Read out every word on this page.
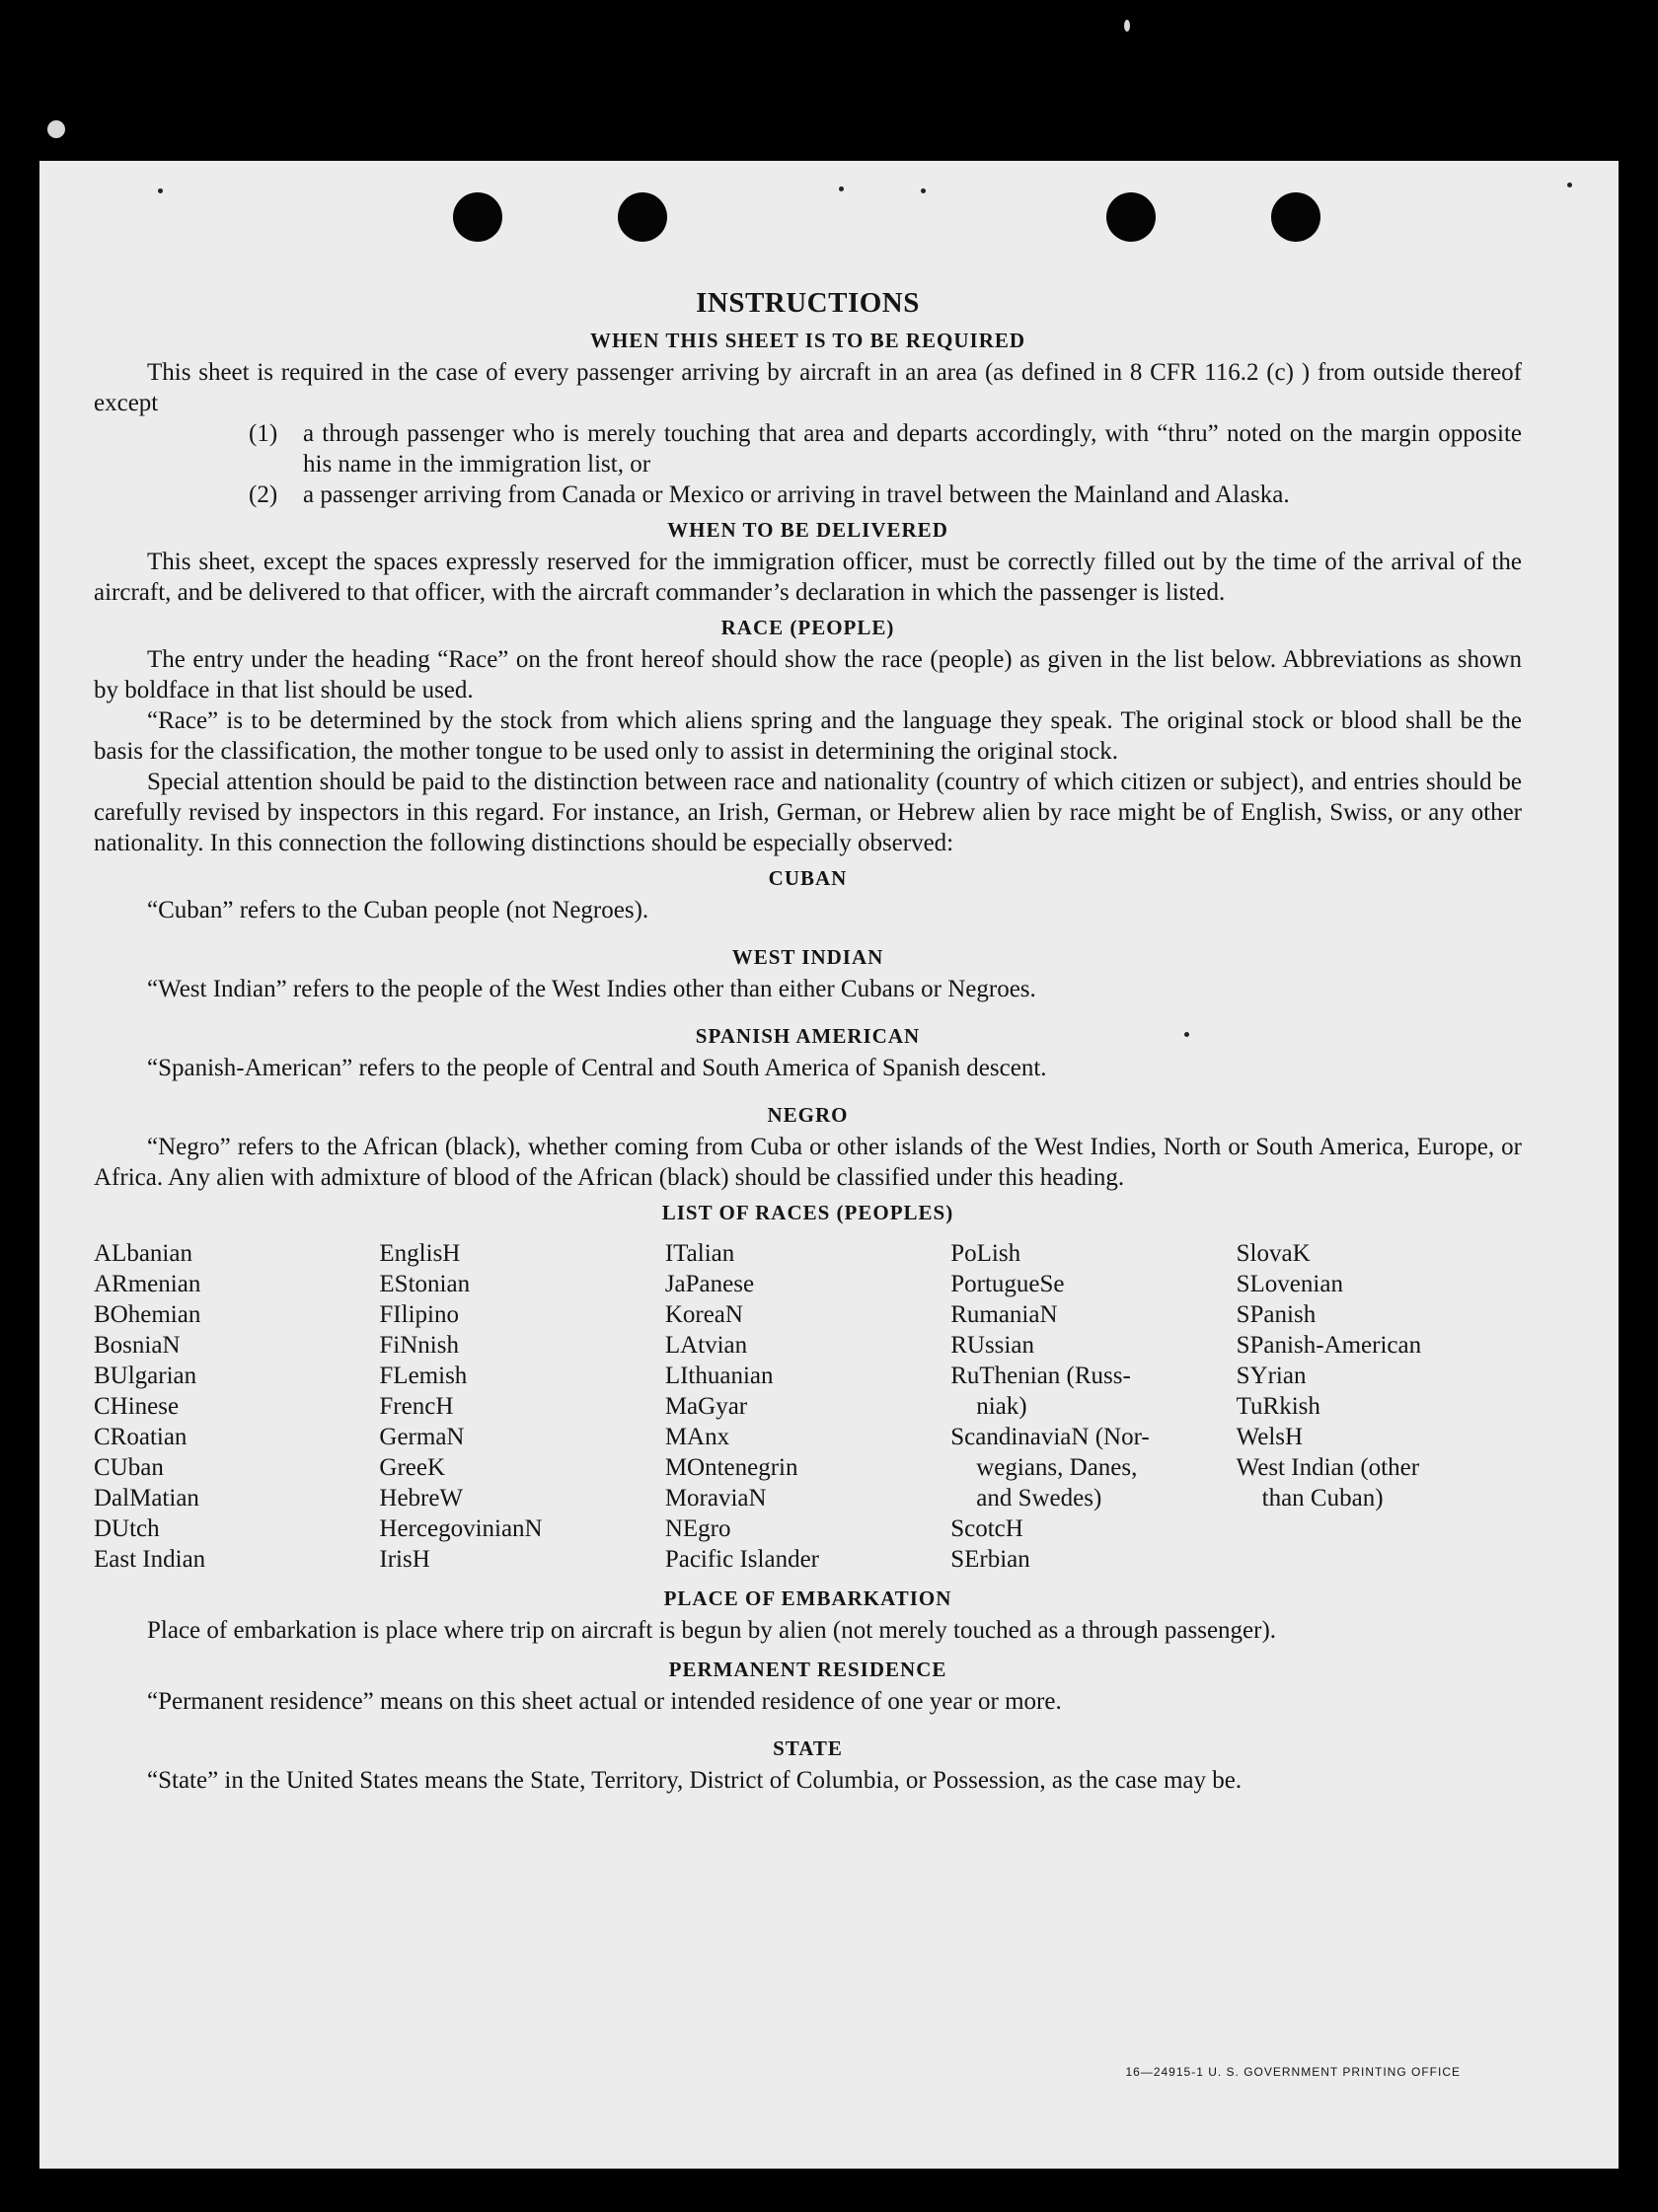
INSTRUCTIONS
WHEN THIS SHEET IS TO BE REQUIRED

This sheet is required in the case of every passenger arriving by aircraft in an area (as defined in 8 CFR 116.2 (c) ) from outside thereof except

(1)	a through passenger who is merely touching that area and departs accordingly, with “thru” noted on the margin opposite his name in the immigration list, or
(2)	a passenger arriving from Canada or Mexico or arriving in travel between the Mainland and Alaska.
WHEN TO BE DELIVERED

This sheet, except the spaces expressly reserved for the immigration officer, must be correctly filled out by the time of the arrival of the aircraft, and be delivered to that officer, with the aircraft commander’s declaration in which the passenger is listed.

RACE (PEOPLE)

The entry under the heading “Race” on the front hereof should show the race (people) as given in the list below. Abbreviations as shown by boldface in that list should be used.

“Race” is to be determined by the stock from which aliens spring and the language they speak. The original stock or blood shall be the basis for the classification, the mother tongue to be used only to assist in determining the original stock.

Special attention should be paid to the distinction between race and nationality (country of which citizen or subject), and entries should be carefully revised by inspectors in this regard. For instance, an Irish, German, or Hebrew alien by race might be of English, Swiss, or any other nationality. In this connection the following distinctions should be especially observed:

CUBAN

“Cuban” refers to the Cuban people (not Negroes).

WEST INDIAN

“West Indian” refers to the people of the West Indies other than either Cubans or Negroes.

SPANISH AMERICAN

“Spanish-American” refers to the people of Central and South America of Spanish descent.

NEGRO

“Negro” refers to the African (black), whether coming from Cuba or other islands of the West Indies, North or South America, Europe, or Africa. Any alien with admixture of blood of the African (black) should be classified under this heading.

LIST OF RACES (PEOPLES)
ALbanian
ARmenian
BOhemian
BosniaN
BUlgarian
CHinese
CRoatian
CUban
DalMatian
DUtch
East Indian
EnglisH
EStonian
FIlipino
FiNnish
FLemish
FrencH
GermaN
GreeK
HebreW
HercegovinianN
IrisH
ITalian
JaPanese
KoreaN
LAtvian
LIthuanian
MaGyar
MAnx
MOntenegrin
MoraviaN
NEgro
Pacific Islander
PoLish
PortugueSe
RumaniaN
RUssian
RuThenian (Russ-
niak)
ScandinaviaN (Nor-
wegians, Danes,
and Swedes)
ScotcH
SErbian
SlovaK
SLovenian
SPanish
SPanish-American
SYrian
TuRkish
WelsH
West Indian (other
than Cuban)
PLACE OF EMBARKATION

Place of embarkation is place where trip on aircraft is begun by alien (not merely touched as a through passenger).

PERMANENT RESIDENCE

“Permanent residence” means on this sheet actual or intended residence of one year or more.

STATE

“State” in the United States means the State, Territory, District of Columbia, or Possession, as the case may be.

16—24915-1 U. S. GOVERNMENT PRINTING OFFICE
